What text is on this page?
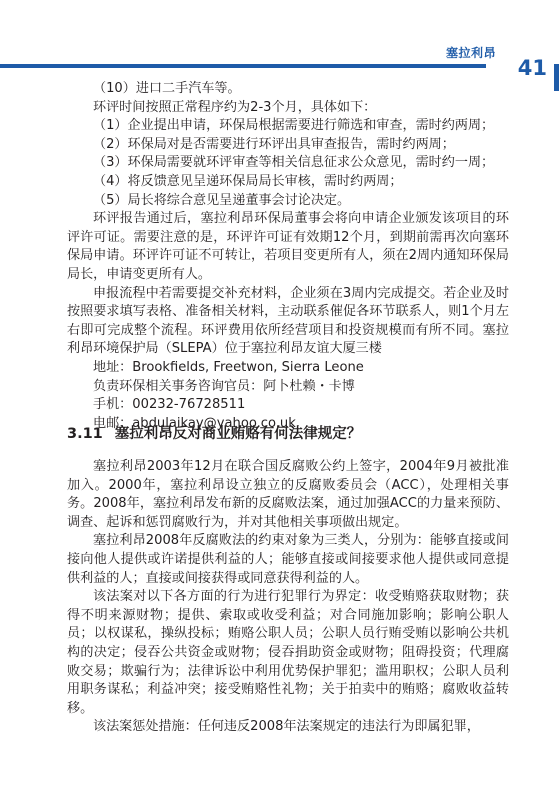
塞拉利昂
41

（10）进口二手汽车等。

环评时间按照正常程序约为2-3个月，具体如下：

（1）企业提出申请，环保局根据需要进行筛选和审查，需时约两周；

（2）环保局对是否需要进行环评出具审查报告，需时约两周；

（3）环保局需要就环评审查等相关信息征求公众意见，需时约一周；

（4）将反馈意见呈递环保局局长审核，需时约两周；

（5）局长将综合意见呈递董事会讨论决定。

环评报告通过后，塞拉利昂环保局董事会将向申请企业颁发该项目的环评许可证。需要注意的是，环评许可证有效期12个月，到期前需再次向塞环保局申请。环评许可证不可转让，若项目变更所有人，须在2周内通知环保局局长，申请变更所有人。

申报流程中若需要提交补充材料，企业须在3周内完成提交。若企业及时按照要求填写表格、准备相关材料，主动联系催促各环节联系人，则1个月左右即可完成整个流程。环评费用依所经营项目和投资规模而有所不同。塞拉利昂环境保护局（SLEPA）位于塞拉利昂友谊大厦三楼

地址：Brookfields, Freetwon, Sierra Leone

负责环保相关事务咨询官员：阿卜杜赖・卡博

手机：00232-76728511

电邮：abdulaikay@yahoo.co.uk

3.11 塞拉利昂反对商业贿赂有何法律规定？

塞拉利昂2003年12月在联合国反腐败公约上签字，2004年9月被批准加入。2000年，塞拉利昂设立独立的反腐败委员会（ACC），处理相关事务。2008年，塞拉利昂发布新的反腐败法案，通过加强ACC的力量来预防、调查、起诉和惩罚腐败行为，并对其他相关事项做出规定。

塞拉利昂2008年反腐败法的约束对象为三类人，分别为：能够直接或间接向他人提供或许诺提供利益的人；能够直接或间接要求他人提供或同意提供利益的人；直接或间接获得或同意获得利益的人。

该法案对以下各方面的行为进行犯罪行为界定：收受贿赂获取财物；获得不明来源财物；提供、索取或收受利益；对合同施加影响；影响公职人员；以权谋私，操纵投标；贿赂公职人员；公职人员行贿受贿以影响公共机构的决定；侵吞公共资金或财物；侵吞捐助资金或财物；阻碍投资；代理腐败交易；欺骗行为；法律诉讼中利用优势保护罪犯；滥用职权；公职人员利用职务谋私；利益冲突；接受贿赂性礼物；关于拍卖中的贿赂；腐败收益转移。

该法案惩处措施：任何违反2008年法案规定的违法行为即属犯罪，
